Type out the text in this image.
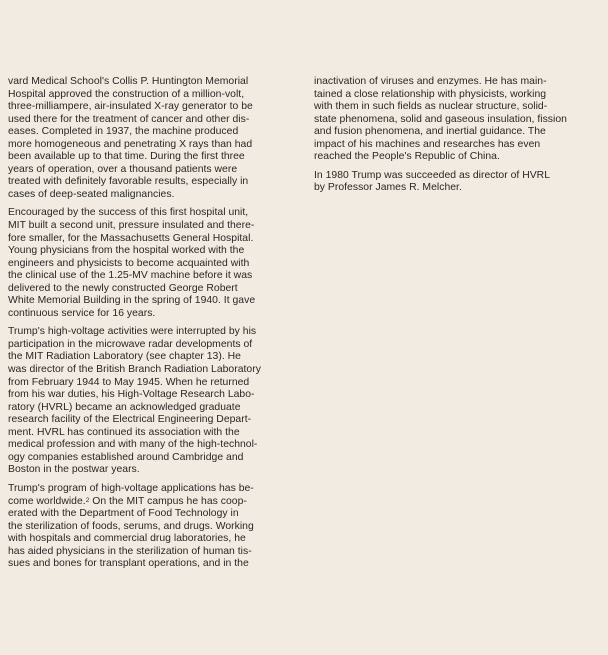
vard Medical School's Collis P. Huntington Memorial
Hospital approved the construction of a million-volt,
three-milliampere, air-insulated X-ray generator to be
used there for the treatment of cancer and other dis-
eases. Completed in 1937, the machine produced
more homogeneous and penetrating X rays than had
been available up to that time. During the first three
years of operation, over a thousand patients were
treated with definitely favorable results, especially in
cases of deep-seated malignancies.

Encouraged by the success of this first hospital unit,
MIT built a second unit, pressure insulated and there-
fore smaller, for the Massachusetts General Hospital.
Young physicians from the hospital worked with the
engineers and physicists to become acquainted with
the clinical use of the 1.25-MV machine before it was
delivered to the newly constructed George Robert
White Memorial Building in the spring of 1940. It gave
continuous service for 16 years.

Trump's high-voltage activities were interrupted by his
participation in the microwave radar developments of
the MIT Radiation Laboratory (see chapter 13). He
was director of the British Branch Radiation Laboratory
from February 1944 to May 1945. When he returned
from his war duties, his High-Voltage Research Labo-
ratory (HVRL) became an acknowledged graduate
research facility of the Electrical Engineering Depart-
ment. HVRL has continued its association with the
medical profession and with many of the high-technol-
ogy companies established around Cambridge and
Boston in the postwar years.

Trump's program of high-voltage applications has be-
come worldwide.$^2$ On the MIT campus he has coop-
erated with the Department of Food Technology in
the sterilization of foods, serums, and drugs. Working
with hospitals and commercial drug laboratories, he
has aided physicians in the sterilization of human tis-
sues and bones for transplant operations, and in the

inactivation of viruses and enzymes. He has main-
tained a close relationship with physicists, working
with them in such fields as nuclear structure, solid-
state phenomena, solid and gaseous insulation, fission
and fusion phenomena, and inertial guidance. The
impact of his machines and researches has even
reached the People's Republic of China.

In 1980 Trump was succeeded as director of HVRL
by Professor James R. Melcher.
